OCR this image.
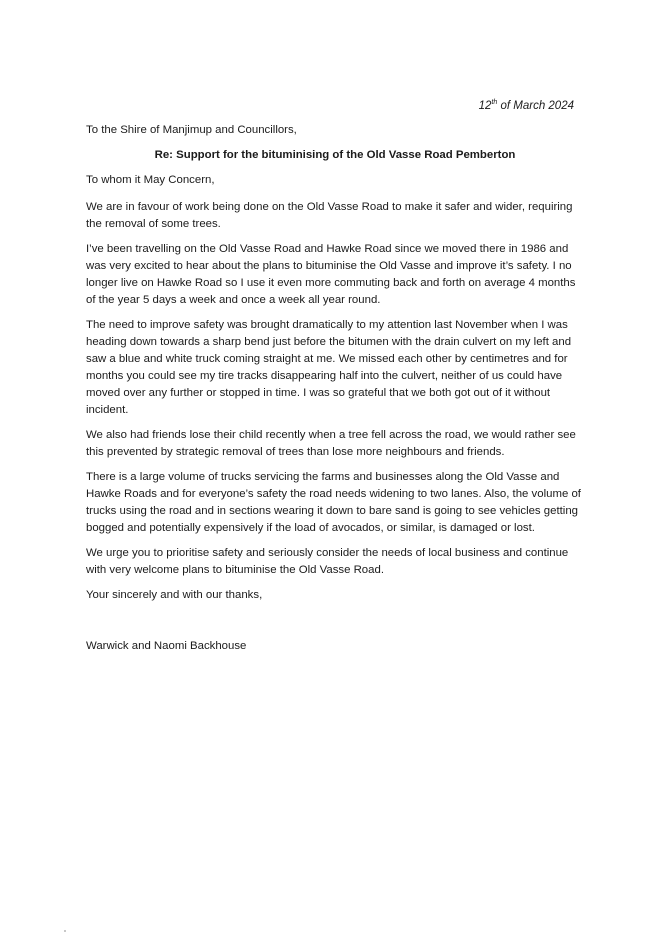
12th of March 2024

To the Shire of Manjimup and Councillors,

Re: Support for the bituminising of the Old Vasse Road Pemberton

To whom it May Concern,

We are in favour of work being done on the Old Vasse Road to make it safer and wider, requiring the removal of some trees.

I’ve been travelling on the Old Vasse Road and Hawke Road since we moved there in 1986 and was very excited to hear about the plans to bituminise the Old Vasse and improve it’s safety. I no longer live on Hawke Road so I use it even more commuting back and forth on average 4 months of the year 5 days a week and once a week all year round.

The need to improve safety was brought dramatically to my attention last November when I was heading down towards a sharp bend just before the bitumen with the drain culvert on my left and saw a blue and white truck coming straight at me. We missed each other by centimetres and for months you could see my tire tracks disappearing half into the culvert, neither of us could have moved over any further or stopped in time. I was so grateful that we both got out of it without incident.

We also had friends lose their child recently when a tree fell across the road, we would rather see this prevented by strategic removal of trees than lose more neighbours and friends.

There is a large volume of trucks servicing the farms and businesses along the Old Vasse and Hawke Roads and for everyone’s safety the road needs widening to two lanes. Also, the volume of trucks using the road and in sections wearing it down to bare sand is going to see vehicles getting bogged and potentially expensively if the load of avocados, or similar, is damaged or lost.

We urge you to prioritise safety and seriously consider the needs of local business and continue with very welcome plans to bituminise the Old Vasse Road.

Your sincerely and with our thanks,

Warwick and Naomi Backhouse
